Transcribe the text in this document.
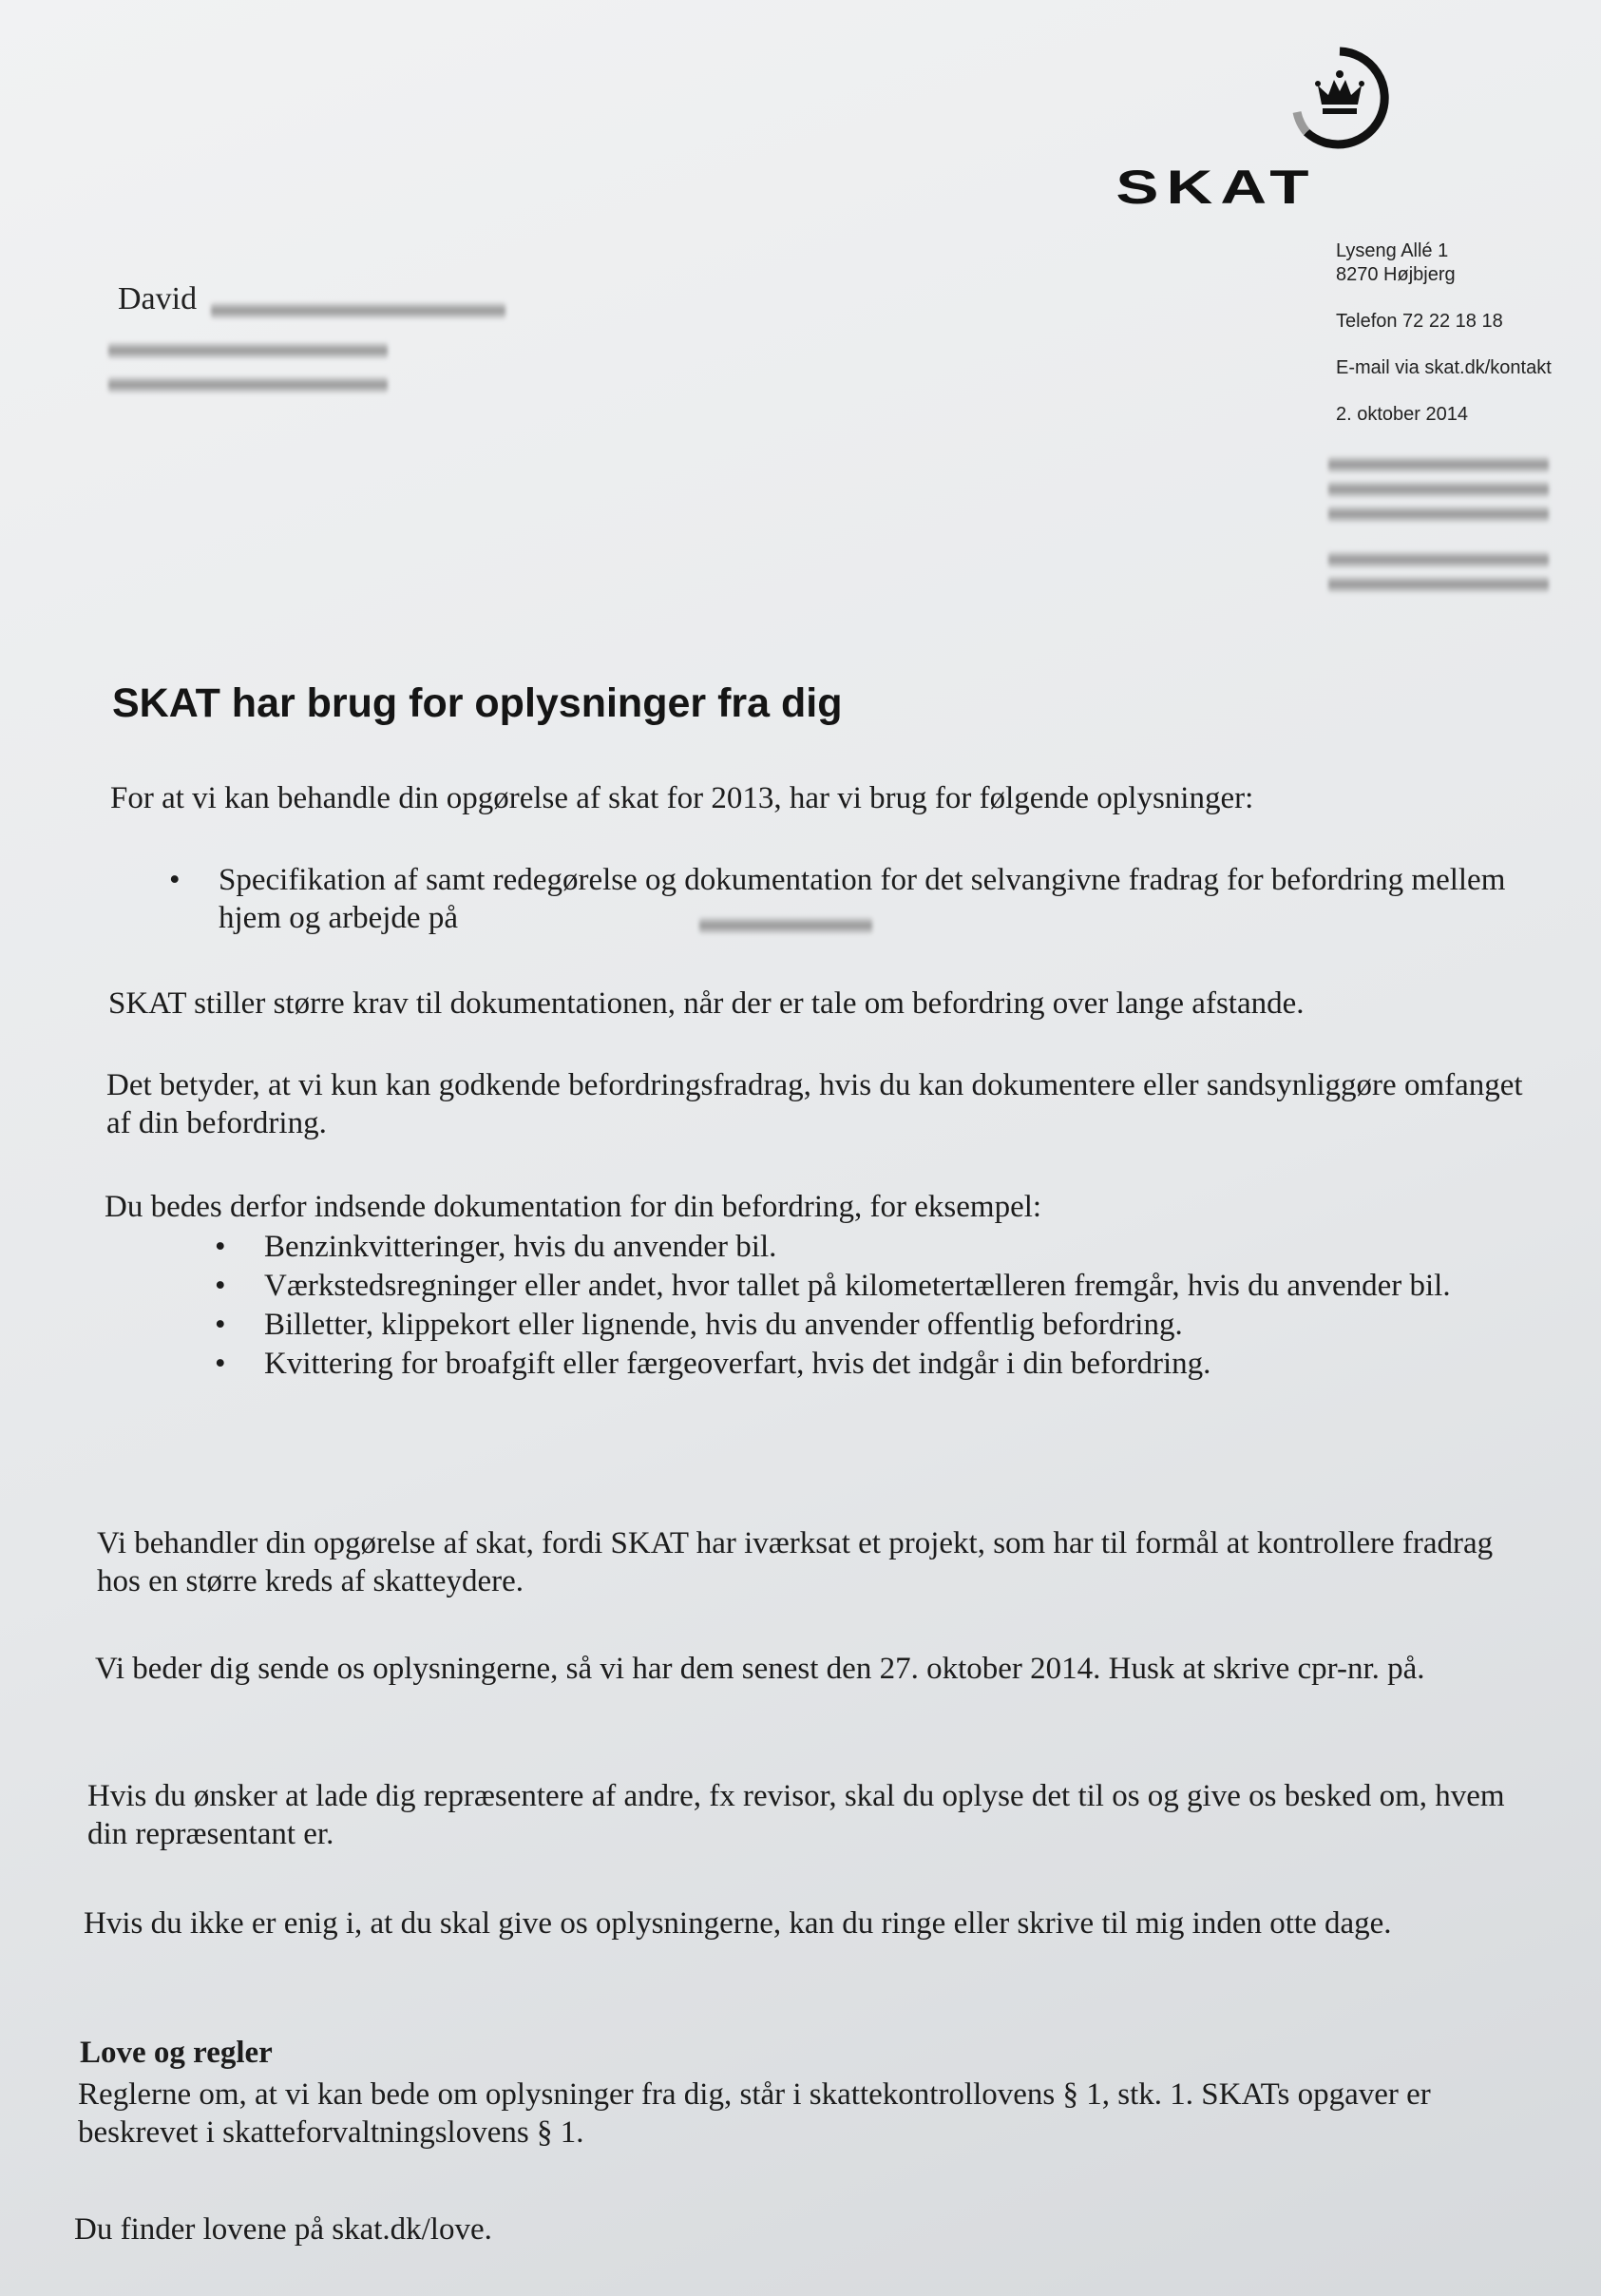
SKAT
Lyseng Allé 1
8270 Højbjerg
Telefon 72 22 18 18
E-mail via skat.dk/kontakt
2. oktober 2014
David
SKAT har brug for oplysninger fra dig
For at vi kan behandle din opgørelse af skat for 2013, har vi brug for følgende oplysninger:
• Specifikation af samt redegørelse og dokumentation for det selvangivne fradrag for befordring mellem hjem og arbejde på
SKAT stiller større krav til dokumentationen, når der er tale om befordring over lange afstande.
Det betyder, at vi kun kan godkende befordringsfradrag, hvis du kan dokumentere eller sandsynliggøre omfanget af din befordring.
Du bedes derfor indsende dokumentation for din befordring, for eksempel:
• Benzinkvitteringer, hvis du anvender bil.
• Værkstedsregninger eller andet, hvor tallet på kilometertælleren fremgår, hvis du anvender bil.
• Billetter, klippekort eller lignende, hvis du anvender offentlig befordring.
• Kvittering for broafgift eller færgeoverfart, hvis det indgår i din befordring.
Vi behandler din opgørelse af skat, fordi SKAT har iværksat et projekt, som har til formål at kontrollere fradrag hos en større kreds af skatteydere.
Vi beder dig sende os oplysningerne, så vi har dem senest den 27. oktober 2014. Husk at skrive cpr-nr. på.
Hvis du ønsker at lade dig repræsentere af andre, fx revisor, skal du oplyse det til os og give os besked om, hvem din repræsentant er.
Hvis du ikke er enig i, at du skal give os oplysningerne, kan du ringe eller skrive til mig inden otte dage.
Love og regler
Reglerne om, at vi kan bede om oplysninger fra dig, står i skattekontrollovens § 1, stk. 1. SKATs opgaver er beskrevet i skatteforvaltningslovens § 1.
Du finder lovene på skat.dk/love.
